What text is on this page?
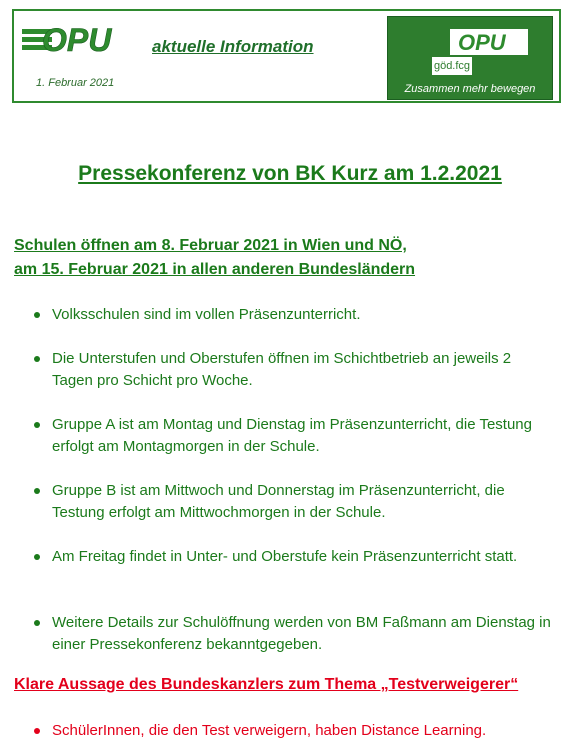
OPU aktuelle Information
1. Februar 2021
OPU
göd.fcg
Zusammen mehr bewegen
Pressekonferenz von BK Kurz am 1.2.2021
Schulen öffnen am 8. Februar 2021 in Wien und NÖ,
am 15. Februar 2021 in allen anderen Bundesländern
Volksschulen sind im vollen Präsenzunterricht.
Die Unterstufen und Oberstufen öffnen im Schichtbetrieb an jeweils 2 Tagen pro Schicht pro Woche.
Gruppe A ist am Montag und Dienstag im Präsenzunterricht, die Testung erfolgt am Montagmorgen in der Schule.
Gruppe B ist am Mittwoch und Donnerstag im Präsenzunterricht, die Testung erfolgt am Mittwochmorgen in der Schule.
Am Freitag findet in Unter- und Oberstufe kein Präsenzunterricht statt.
Weitere Details zur Schulöffnung werden von BM Faßmann am Dienstag in einer Pressekonferenz bekanntgegeben.
Klare Aussage des Bundeskanzlers zum Thema „Testverweigerer“
SchülerInnen, die den Test verweigern, haben Distance Learning.
